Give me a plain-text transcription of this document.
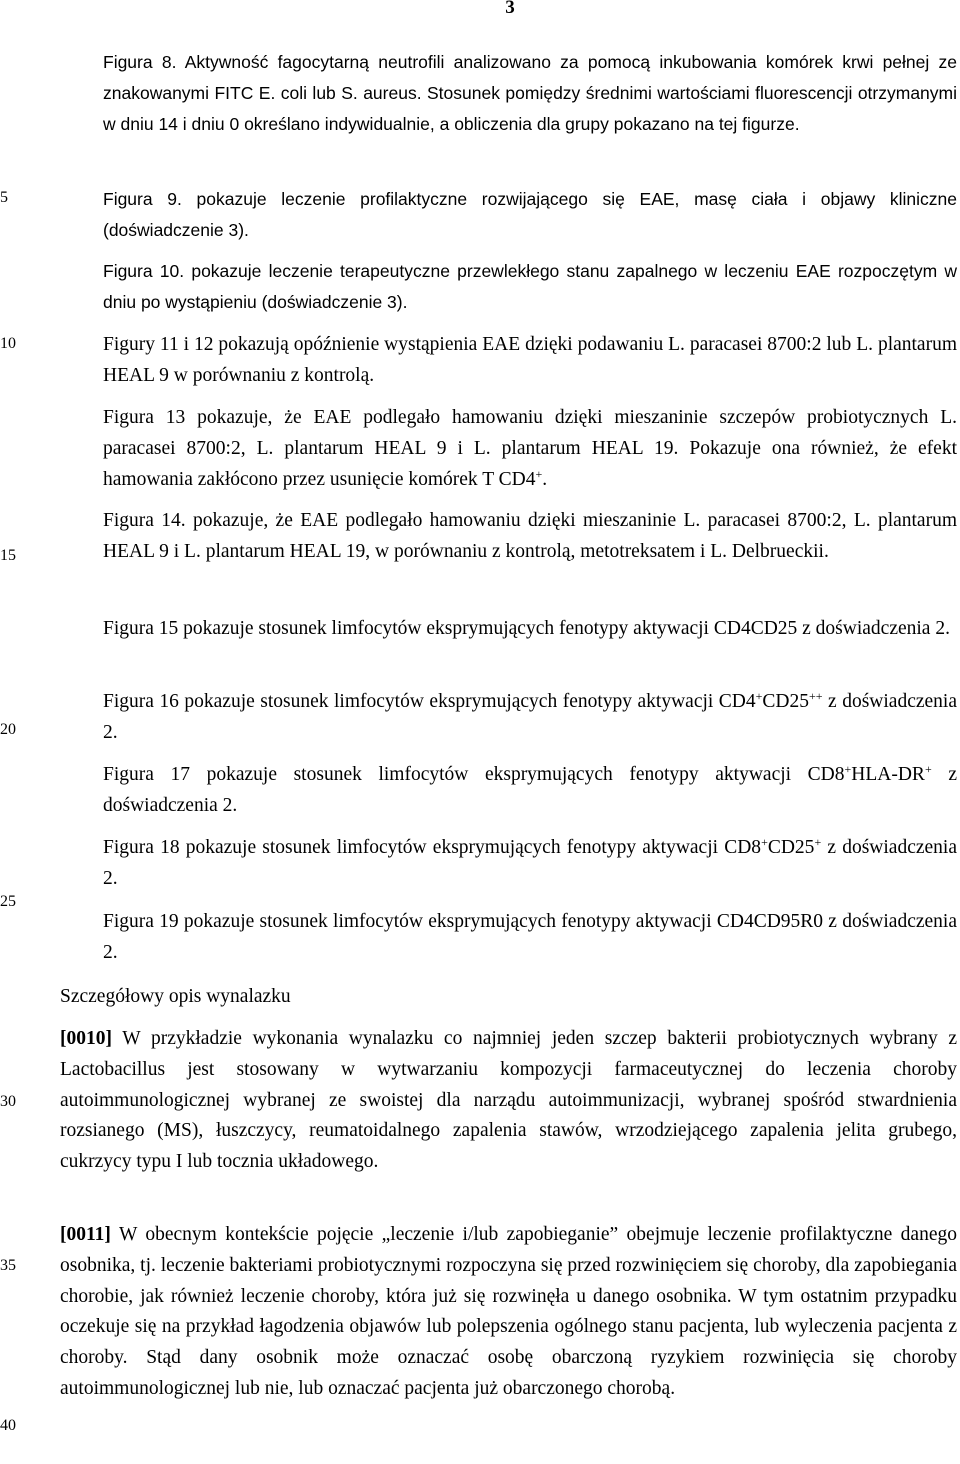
3
5
10
15
20
25
30
35
40

Figura 8. Aktywność fagocytarną neutrofili analizowano za pomocą inkubowania komórek krwi pełnej ze znakowanymi FITC E. coli lub S. aureus. Stosunek pomiędzy średnimi wartościami fluorescencji otrzymanymi w dniu 14 i dniu 0 określano indywidualnie, a obliczenia dla grupy pokazano na tej figurze.

Figura 9. pokazuje leczenie profilaktyczne rozwijającego się EAE, masę ciała i objawy kliniczne (doświadczenie 3).

Figura 10. pokazuje leczenie terapeutyczne przewlekłego stanu zapalnego w leczeniu EAE rozpoczętym w dniu po wystąpieniu (doświadczenie 3).

Figury 11 i 12 pokazują opóźnienie wystąpienia EAE dzięki podawaniu L. paracasei 8700:2 lub L. plantarum HEAL 9 w porównaniu z kontrolą.

Figura 13 pokazuje, że EAE podlegało hamowaniu dzięki mieszaninie szczepów probiotycznych L. paracasei 8700:2, L. plantarum HEAL 9 i L. plantarum HEAL 19. Pokazuje ona również, że efekt hamowania zakłócono przez usunięcie komórek T CD4+.

Figura 14. pokazuje, że EAE podlegało hamowaniu dzięki mieszaninie L. paracasei 8700:2, L. plantarum HEAL 9 i L. plantarum HEAL 19, w porównaniu z kontrolą, metotreksatem i L. Delbrueckii.

Figura 15 pokazuje stosunek limfocytów eksprymujących fenotypy aktywacji CD4CD25 z doświadczenia 2.

Figura 16 pokazuje stosunek limfocytów eksprymujących fenotypy aktywacji CD4+CD25++ z doświadczenia 2.

Figura 17 pokazuje stosunek limfocytów eksprymujących fenotypy aktywacji CD8+HLA-DR+ z doświadczenia 2.

Figura 18 pokazuje stosunek limfocytów eksprymujących fenotypy aktywacji CD8+CD25+ z doświadczenia 2.

Figura 19 pokazuje stosunek limfocytów eksprymujących fenotypy aktywacji CD4CD95R0 z doświadczenia 2.

Szczegółowy opis wynalazku

[0010] W przykładzie wykonania wynalazku co najmniej jeden szczep bakterii probiotycznych wybrany z Lactobacillus jest stosowany w wytwarzaniu kompozycji farmaceutycznej do leczenia choroby autoimmunologicznej wybranej ze swoistej dla narządu autoimmunizacji, wybranej spośród stwardnienia rozsianego (MS), łuszczycy, reumatoidalnego zapalenia stawów, wrzodziejącego zapalenia jelita grubego, cukrzycy typu I lub tocznia układowego.

[0011] W obecnym kontekście pojęcie „leczenie i/lub zapobieganie” obejmuje leczenie profilaktyczne danego osobnika, tj. leczenie bakteriami probiotycznymi rozpoczyna się przed rozwinięciem się choroby, dla zapobiegania chorobie, jak również leczenie choroby, która już się rozwinęła u danego osobnika. W tym ostatnim przypadku oczekuje się na przykład łagodzenia objawów lub polepszenia ogólnego stanu pacjenta, lub wyleczenia pacjenta z choroby. Stąd dany osobnik może oznaczać osobę obarczoną ryzykiem rozwinięcia się choroby autoimmunologicznej lub nie, lub oznaczać pacjenta już obarczonego chorobą.
